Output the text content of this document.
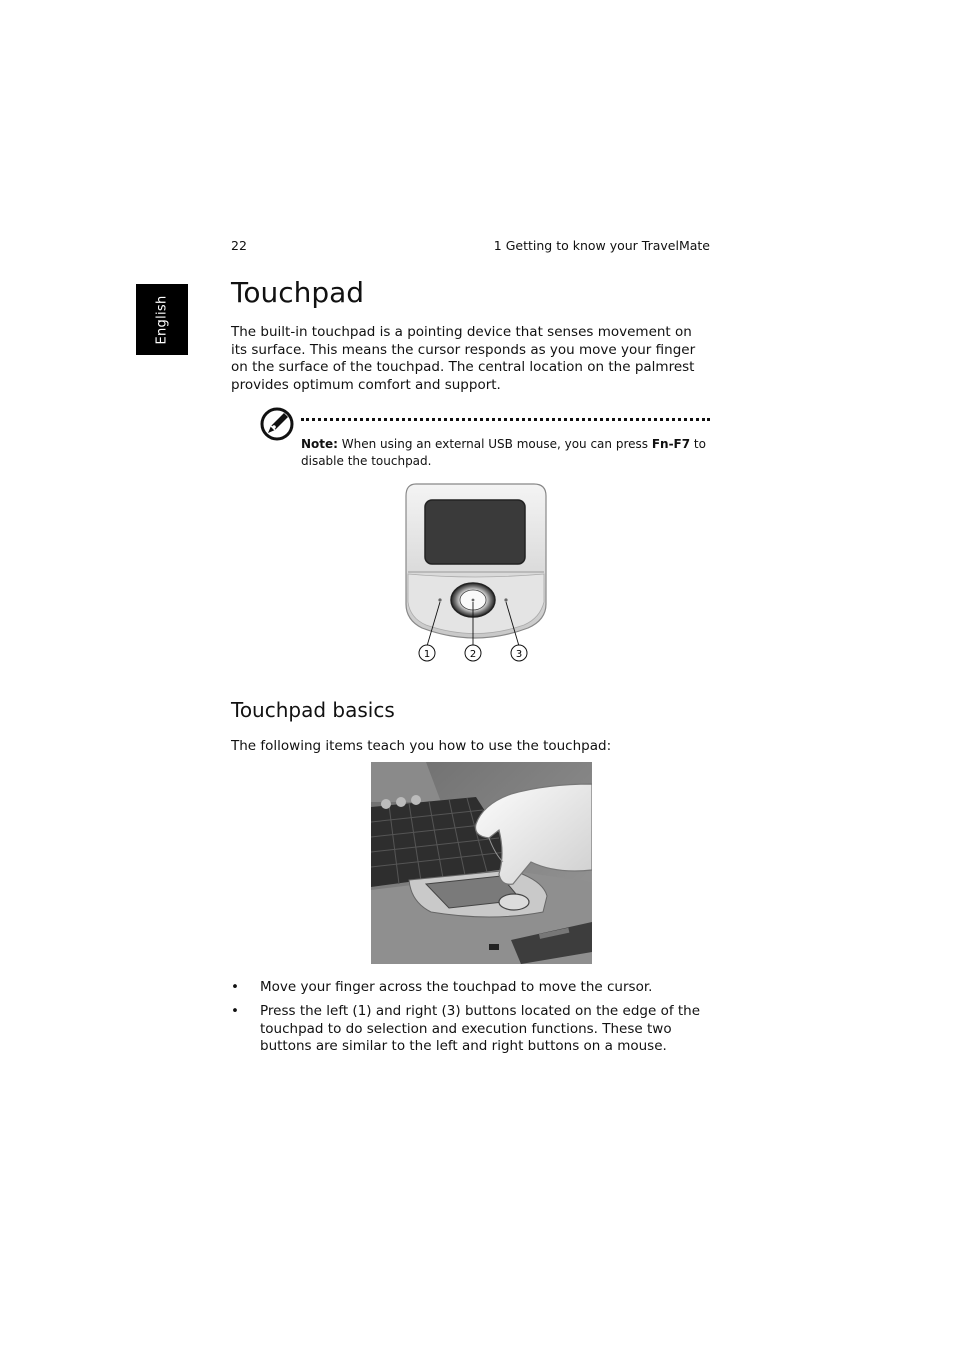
22	1 Getting to know your TravelMate
English
Touchpad
The built-in touchpad is a pointing device that senses movement on its surface. This means the cursor responds as you move your finger on the surface of the touchpad. The central location on the palmrest provides optimum comfort and support.
Note: When using an external USB mouse, you can press Fn-F7 to disable the touchpad.
1	2	3
Touchpad basics
The following items teach you how to use the touchpad:
• Move your finger across the touchpad to move the cursor.
• Press the left (1) and right (3) buttons located on the edge of the touchpad to do selection and execution functions. These two buttons are similar to the left and right buttons on a mouse.
